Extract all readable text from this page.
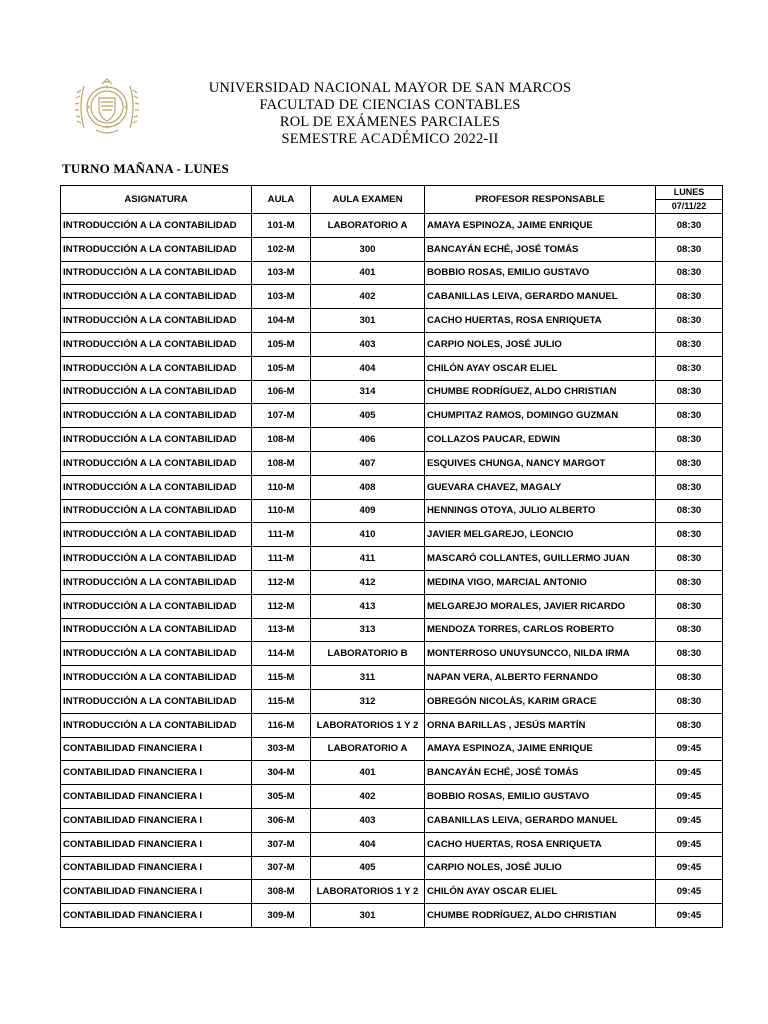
UNIVERSIDAD NACIONAL MAYOR DE SAN MARCOS
FACULTAD DE CIENCIAS CONTABLES
ROL DE EXÁMENES PARCIALES
SEMESTRE ACADÉMICO 2022-II
TURNO MAÑANA - LUNES
ASIGNATURA	AULA	AULA EXAMEN	PROFESOR RESPONSABLE	LUNES
				07/11/22
INTRODUCCIÓN A LA CONTABILIDAD	101-M	LABORATORIO A	AMAYA ESPINOZA, JAIME ENRIQUE	08:30
INTRODUCCIÓN A LA CONTABILIDAD	102-M	300	BANCAYÁN ECHÉ, JOSÉ TOMÁS	08:30
INTRODUCCIÓN A LA CONTABILIDAD	103-M	401	BOBBIO ROSAS, EMILIO GUSTAVO	08:30
INTRODUCCIÓN A LA CONTABILIDAD	103-M	402	CABANILLAS LEIVA, GERARDO MANUEL	08:30
INTRODUCCIÓN A LA CONTABILIDAD	104-M	301	CACHO HUERTAS, ROSA ENRIQUETA	08:30
INTRODUCCIÓN A LA CONTABILIDAD	105-M	403	CARPIO NOLES, JOSÉ JULIO	08:30
INTRODUCCIÓN A LA CONTABILIDAD	105-M	404	CHILÓN AYAY OSCAR ELIEL	08:30
INTRODUCCIÓN A LA CONTABILIDAD	106-M	314	CHUMBE RODRÍGUEZ, ALDO CHRISTIAN	08:30
INTRODUCCIÓN A LA CONTABILIDAD	107-M	405	CHUMPITAZ RAMOS, DOMINGO GUZMAN	08:30
INTRODUCCIÓN A LA CONTABILIDAD	108-M	406	COLLAZOS PAUCAR, EDWIN	08:30
INTRODUCCIÓN A LA CONTABILIDAD	108-M	407	ESQUIVES CHUNGA, NANCY MARGOT	08:30
INTRODUCCIÓN A LA CONTABILIDAD	110-M	408	GUEVARA CHAVEZ, MAGALY	08:30
INTRODUCCIÓN A LA CONTABILIDAD	110-M	409	HENNINGS OTOYA, JULIO ALBERTO	08:30
INTRODUCCIÓN A LA CONTABILIDAD	111-M	410	JAVIER MELGAREJO, LEONCIO	08:30
INTRODUCCIÓN A LA CONTABILIDAD	111-M	411	MASCARÓ COLLANTES, GUILLERMO JUAN	08:30
INTRODUCCIÓN A LA CONTABILIDAD	112-M	412	MEDINA VIGO, MARCIAL ANTONIO	08:30
INTRODUCCIÓN A LA CONTABILIDAD	112-M	413	MELGAREJO MORALES, JAVIER RICARDO	08:30
INTRODUCCIÓN A LA CONTABILIDAD	113-M	313	MENDOZA TORRES, CARLOS ROBERTO	08:30
INTRODUCCIÓN A LA CONTABILIDAD	114-M	LABORATORIO B	MONTERROSO UNUYSUNCCO, NILDA IRMA	08:30
INTRODUCCIÓN A LA CONTABILIDAD	115-M	311	NAPAN VERA, ALBERTO FERNANDO	08:30
INTRODUCCIÓN A LA CONTABILIDAD	115-M	312	OBREGÓN NICOLÁS, KARIM GRACE	08:30
INTRODUCCIÓN A LA CONTABILIDAD	116-M	LABORATORIOS 1 Y 2	ORNA BARILLAS , JESÚS MARTÍN	08:30
CONTABILIDAD FINANCIERA I	303-M	LABORATORIO A	AMAYA ESPINOZA, JAIME ENRIQUE	09:45
CONTABILIDAD FINANCIERA I	304-M	401	BANCAYÁN ECHÉ, JOSÉ TOMÁS	09:45
CONTABILIDAD FINANCIERA I	305-M	402	BOBBIO ROSAS, EMILIO GUSTAVO	09:45
CONTABILIDAD FINANCIERA I	306-M	403	CABANILLAS LEIVA, GERARDO MANUEL	09:45
CONTABILIDAD FINANCIERA I	307-M	404	CACHO HUERTAS, ROSA ENRIQUETA	09:45
CONTABILIDAD FINANCIERA I	307-M	405	CARPIO NOLES, JOSÉ JULIO	09:45
CONTABILIDAD FINANCIERA I	308-M	LABORATORIOS 1 Y 2	CHILÓN AYAY OSCAR ELIEL	09:45
CONTABILIDAD FINANCIERA I	309-M	301	CHUMBE RODRÍGUEZ, ALDO CHRISTIAN	09:45
